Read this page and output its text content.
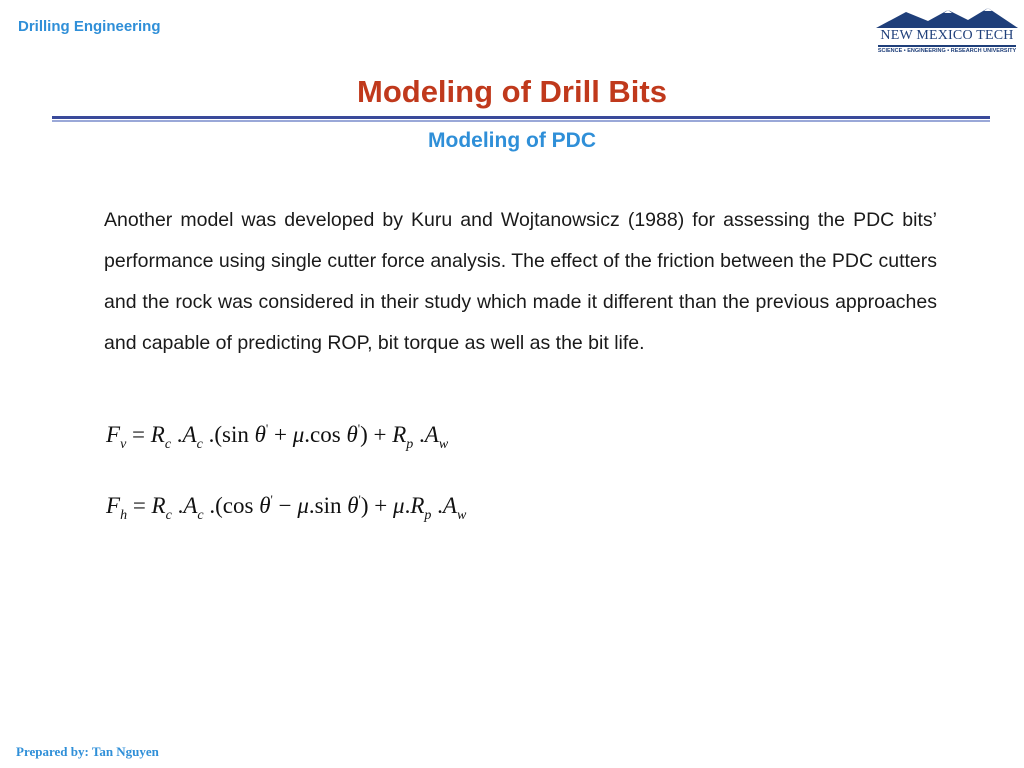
Drilling Engineering
NEW MEXICO TECH
SCIENCE • ENGINEERING • RESEARCH UNIVERSITY
Modeling of Drill Bits
Modeling of PDC

Another model was developed by Kuru and Wojtanowsicz (1988) for assessing the PDC bits’ performance using single cutter force analysis. The effect of the friction between the PDC cutters and the rock was considered in their study which made it different than the previous approaches and capable of predicting ROP, bit torque as well as the bit life.

$F_v = R_c$ $.A_c$ .(sin θ' + μ.cos $\theta') + R_p$ $.A_w$
$F_h = R_c$ $.A_c$ .(cos θ' − μ.sin $\theta') + \mu.R_p$ $.A_w$
Prepared by: Tan Nguyen
